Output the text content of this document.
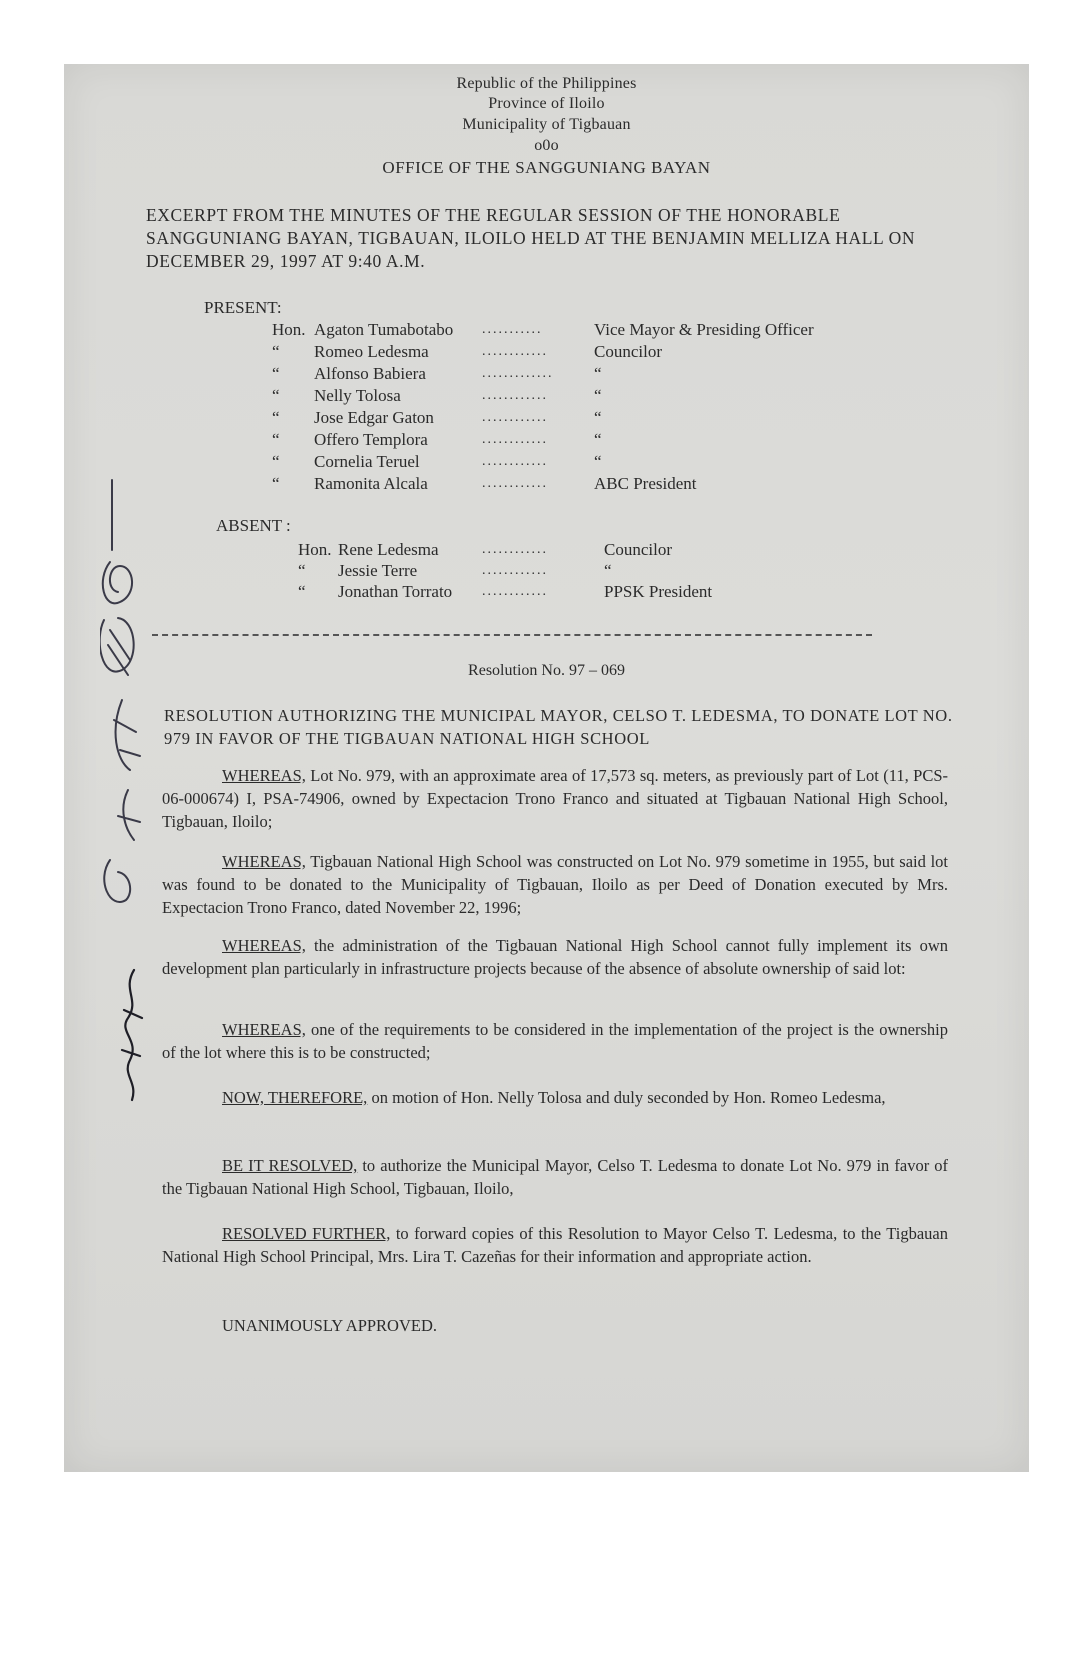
Republic of the Philippines
Province of Iloilo
Municipality of Tigbauan
o0o
OFFICE OF THE SANGGUNIANG BAYAN
EXCERPT FROM THE MINUTES OF THE REGULAR SESSION OF THE HONORABLE SANGGUNIANG BAYAN, TIGBAUAN, ILOILO HELD AT THE BENJAMIN MELLIZA HALL ON DECEMBER 29, 1997 AT 9:40 A.M.
PRESENT:
Hon. Agaton Tumabotabo ...........	Vice Mayor & Presiding Officer
“ Romeo Ledesma	............	Councilor
“ Alfonso Babiera	............. “
“ Nelly Tolosa	............	“
“ Jose Edgar Gaton	............	“
“ Offero Templora	............	“
“ Cornelia Teruel	............	“
“ Ramonita Alcala	............	ABC President
ABSENT :
Hon. Rene Ledesma	............	Councilor
“ Jessie Terre	............	“
“ Jonathan Torrato ............	PPSK President
Resolution No. 97 – 069
RESOLUTION AUTHORIZING THE MUNICIPAL MAYOR, CELSO T. LEDESMA, TO DONATE LOT NO. 979 IN FAVOR OF THE TIGBAUAN NATIONAL HIGH SCHOOL
WHEREAS, Lot No. 979, with an approximate area of 17,573 sq. meters, as previously part of Lot (11, PCS-06-000674) I, PSA-74906, owned by Expectacion Trono Franco and situated at Tigbauan National High School, Tigbauan, Iloilo;
WHEREAS, Tigbauan National High School was constructed on Lot No. 979 sometime in 1955, but said lot was found to be donated to the Municipality of Tigbauan, Iloilo as per Deed of Donation executed by Mrs. Expectacion Trono Franco, dated November 22, 1996;
WHEREAS, the administration of the Tigbauan National High School cannot fully implement its own development plan particularly in infrastructure projects because of the absence of absolute ownership of said lot:
WHEREAS, one of the requirements to be considered in the implementation of the project is the ownership of the lot where this is to be constructed;
NOW, THEREFORE, on motion of Hon. Nelly Tolosa and duly seconded by Hon. Romeo Ledesma,
BE IT RESOLVED, to authorize the Municipal Mayor, Celso T. Ledesma to donate Lot No. 979 in favor of the Tigbauan National High School, Tigbauan, Iloilo,
RESOLVED FURTHER, to forward copies of this Resolution to Mayor Celso T. Ledesma, to the Tigbauan National High School Principal, Mrs. Lira T. Cazeñas for their information and appropriate action.
UNANIMOUSLY APPROVED.
